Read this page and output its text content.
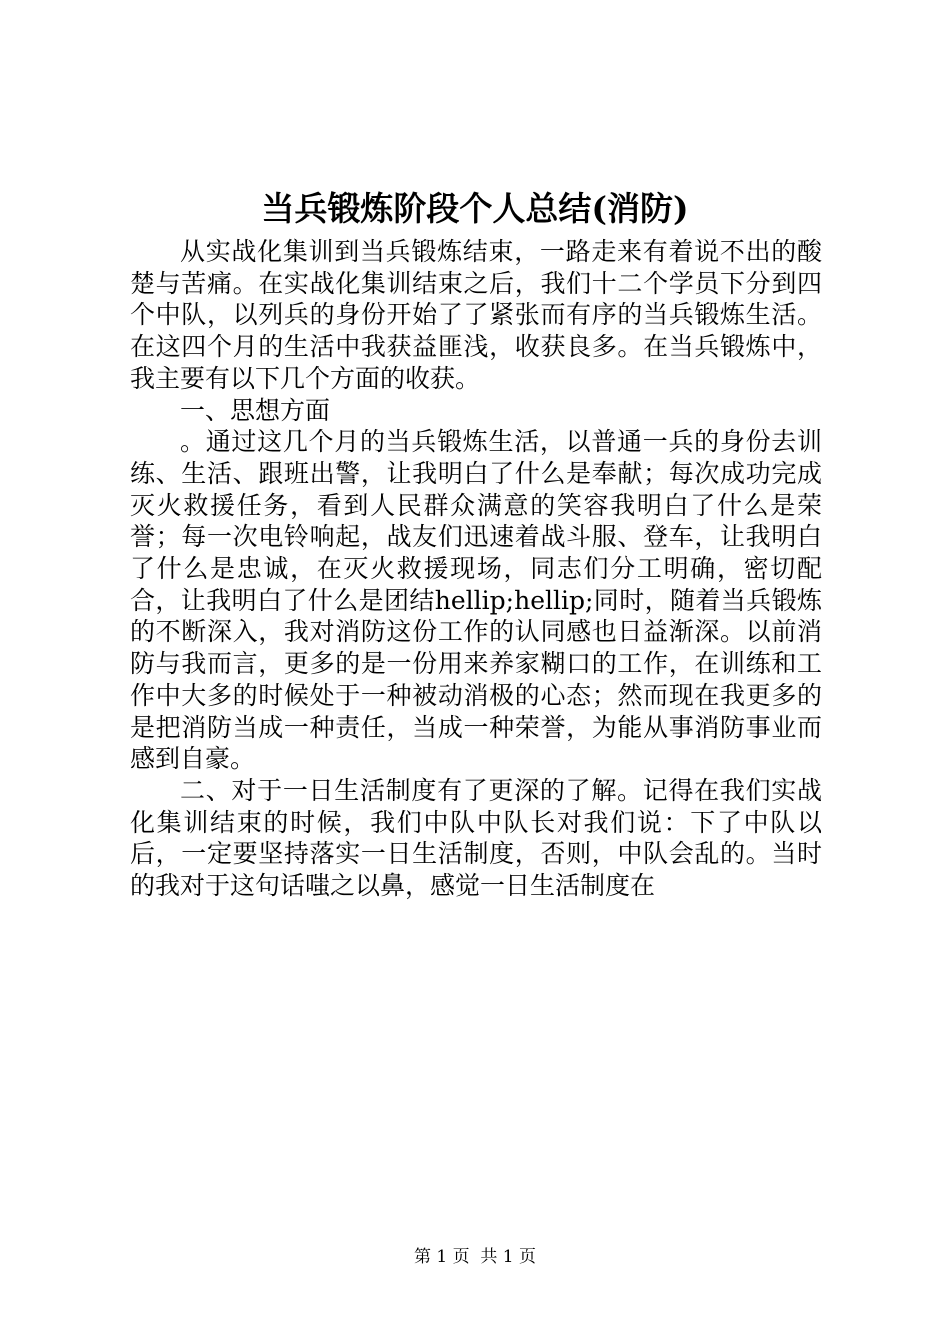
当兵锻炼阶段个人总结(消防)

从实战化集训到当兵锻炼结束，一路走来有着说不出的酸楚与苦痛。在实战化集训结束之后，我们十二个学员下分到四个中队，以列兵的身份开始了了紧张而有序的当兵锻炼生活。在这四个月的生活中我获益匪浅，收获良多。在当兵锻炼中，我主要有以下几个方面的收获。

一、思想方面

。通过这几个月的当兵锻炼生活，以普通一兵的身份去训练、生活、跟班出警，让我明白了什么是奉献；每次成功完成灭火救援任务，看到人民群众满意的笑容我明白了什么是荣誉；每一次电铃响起，战友们迅速着战斗服、登车，让我明白了什么是忠诚，在灭火救援现场，同志们分工明确，密切配合，让我明白了什么是团结hellip;hellip;同时，随着当兵锻炼的不断深入，我对消防这份工作的认同感也日益渐深。以前消防与我而言，更多的是一份用来养家糊口的工作，在训练和工作中大多的时候处于一种被动消极的心态；然而现在我更多的是把消防当成一种责任，当成一种荣誉，为能从事消防事业而感到自豪。

二、对于一日生活制度有了更深的了解。记得在我们实战化集训结束的时候，我们中队中队长对我们说：下了中队以后，一定要坚持落实一日生活制度，否则，中队会乱的。当时的我对于这句话嗤之以鼻，感觉一日生活制度在

第 1 页  共 1 页
